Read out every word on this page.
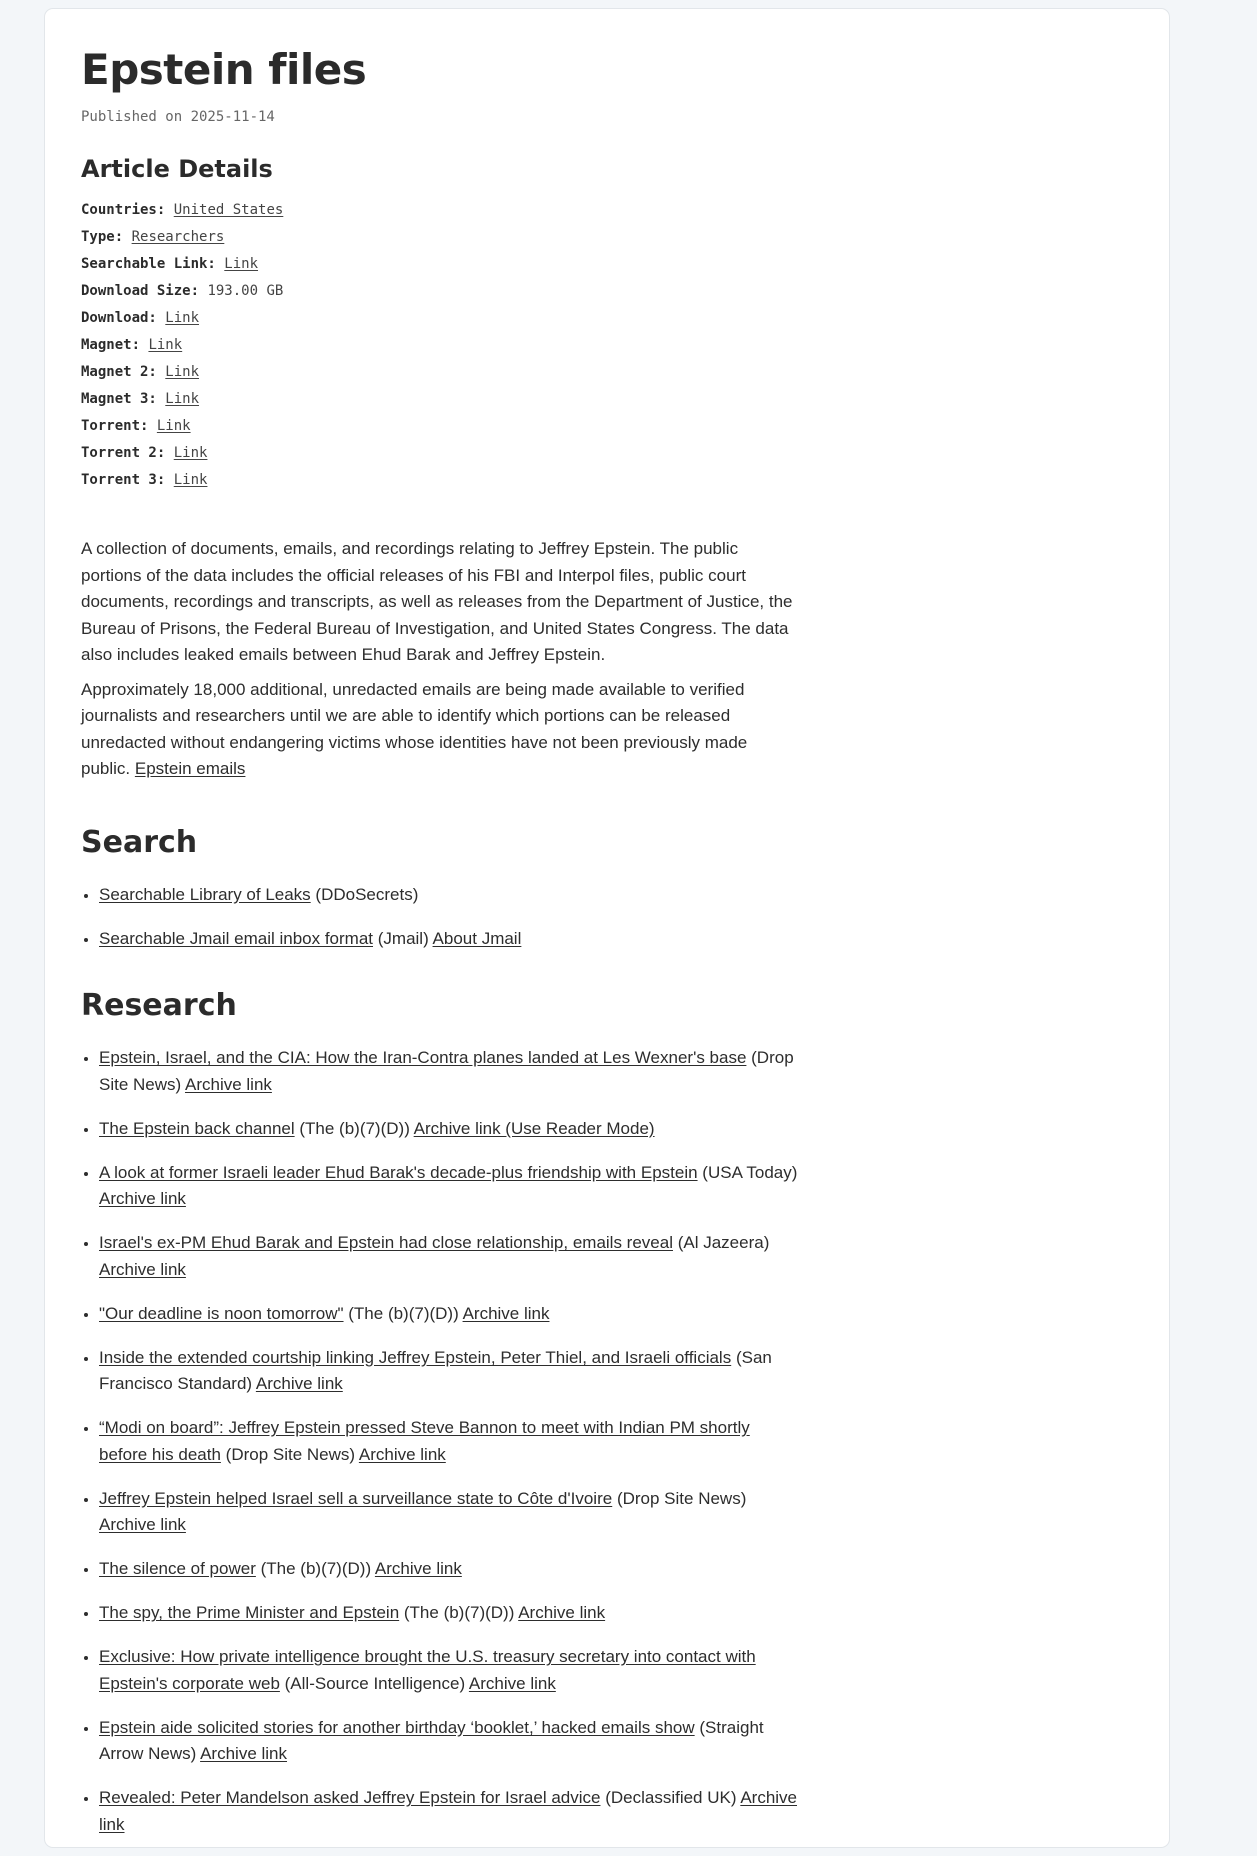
Epstein files
Published on 2025-11-14
Article Details
Countries: United States
Type: Researchers
Searchable Link: Link
Download Size: 193.00 GB
Download: Link
Magnet: Link
Magnet 2: Link
Magnet 3: Link
Torrent: Link
Torrent 2: Link
Torrent 3: Link

A collection of documents, emails, and recordings relating to Jeffrey Epstein. The public portions of the data includes the official releases of his FBI and Interpol files, public court documents, recordings and transcripts, as well as releases from the Department of Justice, the Bureau of Prisons, the Federal Bureau of Investigation, and United States Congress. The data also includes leaked emails between Ehud Barak and Jeffrey Epstein.

Approximately 18,000 additional, unredacted emails are being made available to verified journalists and researchers until we are able to identify which portions can be released unredacted without endangering victims whose identities have not been previously made public. Epstein emails

Search
• Searchable Library of Leaks (DDoSecrets)
• Searchable Jmail email inbox format (Jmail) About Jmail
Research
• Epstein, Israel, and the CIA: How the Iran-Contra planes landed at Les Wexner's base (Drop Site News) Archive link
• The Epstein back channel (The (b)(7)(D)) Archive link (Use Reader Mode)
• A look at former Israeli leader Ehud Barak's decade-plus friendship with Epstein (USA Today) Archive link
• Israel's ex-PM Ehud Barak and Epstein had close relationship, emails reveal (Al Jazeera) Archive link
• "Our deadline is noon tomorrow" (The (b)(7)(D)) Archive link
• Inside the extended courtship linking Jeffrey Epstein, Peter Thiel, and Israeli officials (San Francisco Standard) Archive link
• “Modi on board”: Jeffrey Epstein pressed Steve Bannon to meet with Indian PM shortly before his death (Drop Site News) Archive link
• Jeffrey Epstein helped Israel sell a surveillance state to Côte d'Ivoire (Drop Site News) Archive link
• The silence of power (The (b)(7)(D)) Archive link
• The spy, the Prime Minister and Epstein (The (b)(7)(D)) Archive link
• Exclusive: How private intelligence brought the U.S. treasury secretary into contact with Epstein's corporate web (All-Source Intelligence) Archive link
• Epstein aide solicited stories for another birthday ‘booklet,’ hacked emails show (Straight Arrow News) Archive link
• Revealed: Peter Mandelson asked Jeffrey Epstein for Israel advice (Declassified UK) Archive link
